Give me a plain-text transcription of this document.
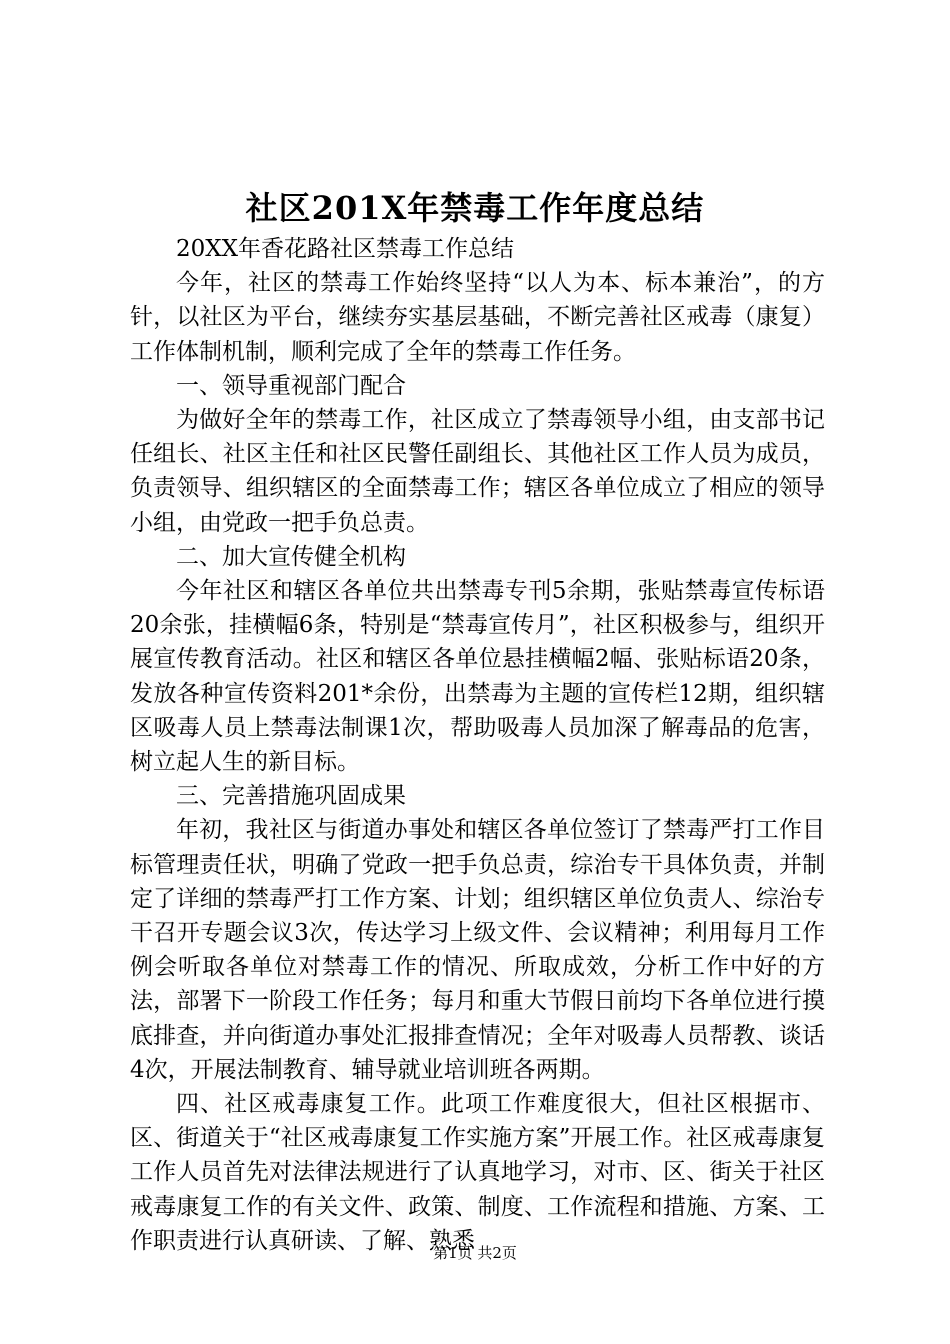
社区201X年禁毒工作年度总结

20XX年香花路社区禁毒工作总结

今年，社区的禁毒工作始终坚持“以人为本、标本兼治”，的方针，以社区为平台，继续夯实基层基础，不断完善社区戒毒（康复）工作体制机制，顺利完成了全年的禁毒工作任务。

一、领导重视部门配合

为做好全年的禁毒工作，社区成立了禁毒领导小组，由支部书记任组长、社区主任和社区民警任副组长、其他社区工作人员为成员，负责领导、组织辖区的全面禁毒工作；辖区各单位成立了相应的领导小组，由党政一把手负总责。

二、加大宣传健全机构

今年社区和辖区各单位共出禁毒专刊5余期，张贴禁毒宣传标语20余张，挂横幅6条，特别是“禁毒宣传月”，社区积极参与，组织开展宣传教育活动。社区和辖区各单位悬挂横幅2幅、张贴标语20条，发放各种宣传资料201*余份，出禁毒为主题的宣传栏12期，组织辖区吸毒人员上禁毒法制课1次，帮助吸毒人员加深了解毒品的危害，树立起人生的新目标。

三、完善措施巩固成果

年初，我社区与街道办事处和辖区各单位签订了禁毒严打工作目标管理责任状，明确了党政一把手负总责，综治专干具体负责，并制定了详细的禁毒严打工作方案、计划；组织辖区单位负责人、综治专干召开专题会议3次，传达学习上级文件、会议精神；利用每月工作例会听取各单位对禁毒工作的情况、所取成效，分析工作中好的方法，部署下一阶段工作任务；每月和重大节假日前均下各单位进行摸底排查，并向街道办事处汇报排查情况；全年对吸毒人员帮教、谈话4次，开展法制教育、辅导就业培训班各两期。

四、社区戒毒康复工作。此项工作难度很大，但社区根据市、区、街道关于“社区戒毒康复工作实施方案”开展工作。社区戒毒康复工作人员首先对法律法规进行了认真地学习，对市、区、街关于社区戒毒康复工作的有关文件、政策、制度、工作流程和措施、方案、工作职责进行认真研读、了解、熟悉

第1页 共2页
